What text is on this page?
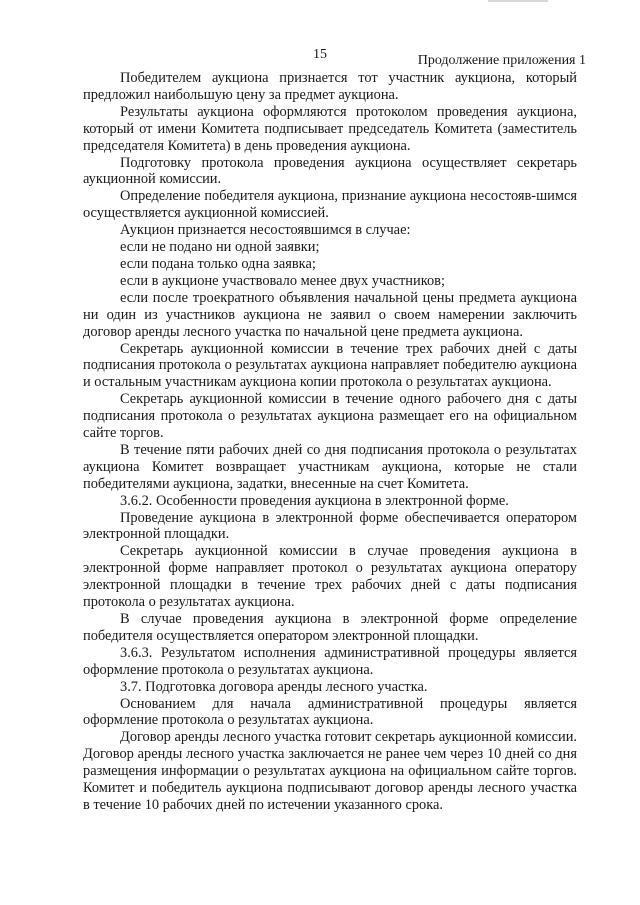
15	Продолжение приложения 1

Победителем аукциона признается тот участник аукциона, который предложил наибольшую цену за предмет аукциона.

Результаты аукциона оформляются протоколом проведения аукциона, который от имени Комитета подписывает председатель Комитета (заместитель председателя Комитета) в день проведения аукциона.

Подготовку протокола проведения аукциона осуществляет секретарь аукционной комиссии.

Определение победителя аукциона, признание аукциона несостояв-шимся осуществляется аукционной комиссией.

Аукцион признается несостоявшимся в случае:

если не подано ни одной заявки;

если подана только одна заявка;

если в аукционе участвовало менее двух участников;

если после троекратного объявления начальной цены предмета аукциона ни один из участников аукциона не заявил о своем намерении заключить договор аренды лесного участка по начальной цене предмета аукциона.

Секретарь аукционной комиссии в течение трех рабочих дней с даты подписания протокола о результатах аукциона направляет победителю аукциона и остальным участникам аукциона копии протокола о результатах аукциона.

Секретарь аукционной комиссии в течение одного рабочего дня с даты подписания протокола о результатах аукциона размещает его на официальном сайте торгов.

В течение пяти рабочих дней со дня подписания протокола о результатах аукциона Комитет возвращает участникам аукциона, которые не стали победителями аукциона, задатки, внесенные на счет Комитета.

3.6.2. Особенности проведения аукциона в электронной форме.

Проведение аукциона в электронной форме обеспечивается оператором электронной площадки.

Секретарь аукционной комиссии в случае проведения аукциона в электронной форме направляет протокол о результатах аукциона оператору электронной площадки в течение трех рабочих дней с даты подписания протокола о результатах аукциона.

В случае проведения аукциона в электронной форме определение победителя осуществляется оператором электронной площадки.

3.6.3. Результатом исполнения административной процедуры является оформление протокола о результатах аукциона.

3.7. Подготовка договора аренды лесного участка.

Основанием для начала административной процедуры является оформление протокола о результатах аукциона.

Договор аренды лесного участка готовит секретарь аукционной комиссии. Договор аренды лесного участка заключается не ранее чем через 10 дней со дня размещения информации о результатах аукциона на официальном сайте торгов. Комитет и победитель аукциона подписывают договор аренды лесного участка в течение 10 рабочих дней по истечении указанного срока.
